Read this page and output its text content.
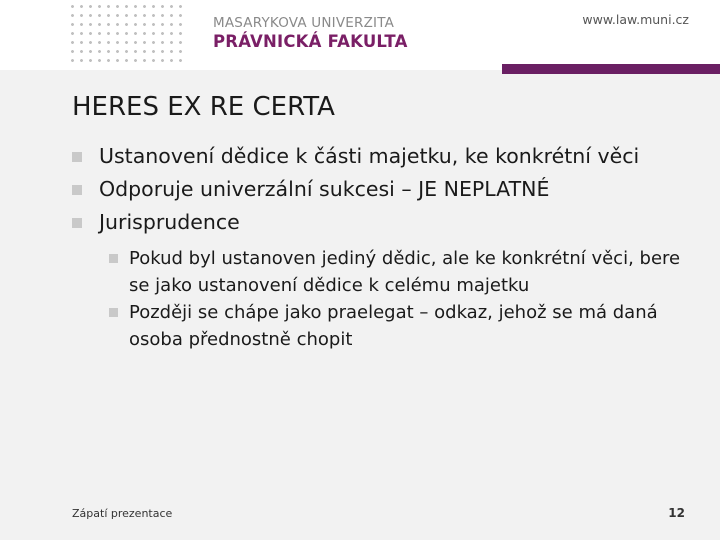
MASARYKOVA UNIVERZITA
PRÁVNICKÁ FAKULTA
www.law.muni.cz
HERES EX RE CERTA
Ustanovení dědice k části majetku, ke konkrétní věci
Odporuje univerzální sukcesi – JE NEPLATNÉ
Jurisprudence
Pokud byl ustanoven jediný dědic, ale ke konkrétní věci, bere se jako ustanovení dědice k celému majetku
Později se chápe jako praelegat – odkaz, jehož se má daná osoba přednostně chopit
Zápatí prezentace	12
